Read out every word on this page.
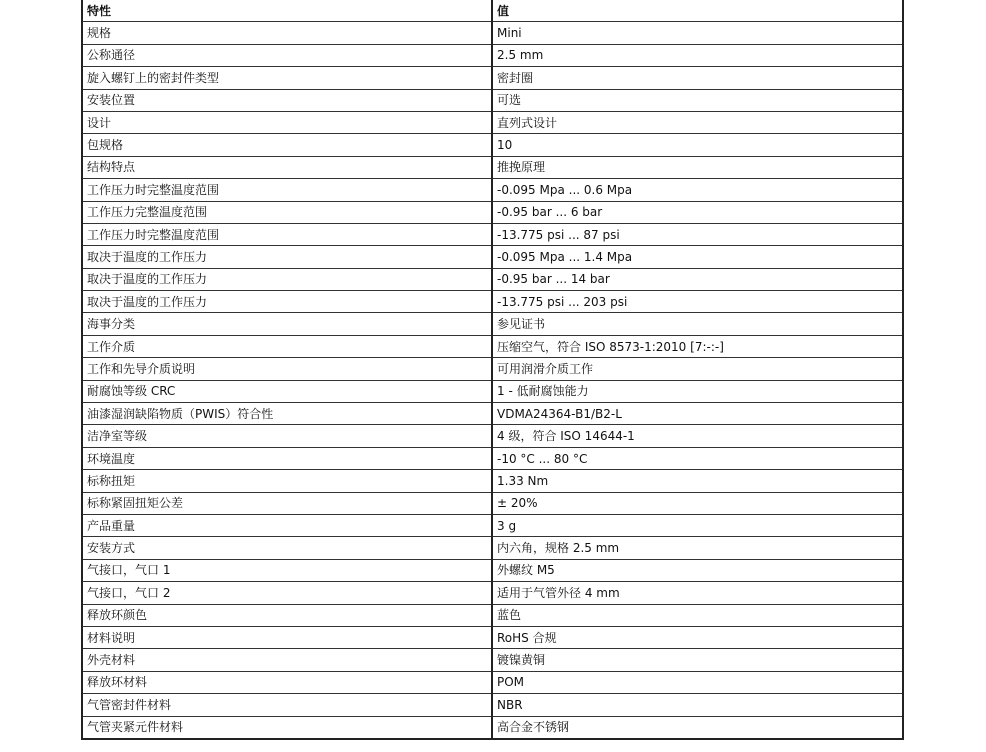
特性	值
规格	Mini
公称通径	2.5 mm
旋入螺钉上的密封件类型	密封圈
安装位置	可选
设计	直列式设计
包规格	10
结构特点	推挽原理
工作压力时完整温度范围	-0.095 Mpa ... 0.6 Mpa
工作压力完整温度范围	-0.95 bar ... 6 bar
工作压力时完整温度范围	-13.775 psi ... 87 psi
取决于温度的工作压力	-0.095 Mpa ... 1.4 Mpa
取决于温度的工作压力	-0.95 bar ... 14 bar
取决于温度的工作压力	-13.775 psi ... 203 psi
海事分类	参见证书
工作介质	压缩空气，符合 ISO 8573-1:2010 [7:-:-]
工作和先导介质说明	可用润滑介质工作
耐腐蚀等级 CRC	1 - 低耐腐蚀能力
油漆湿润缺陷物质（PWIS）符合性	VDMA24364-B1/B2-L
洁净室等级	4 级，符合 ISO 14644-1
环境温度	-10 °C ... 80 °C
标称扭矩	1.33 Nm
标称紧固扭矩公差	± 20%
产品重量	3 g
安装方式	内六角，规格 2.5 mm
气接口，气口 1	外螺纹 M5
气接口，气口 2	适用于气管外径 4 mm
释放环颜色	蓝色
材料说明	RoHS 合规
外壳材料	镀镍黄铜
释放环材料	POM
气管密封件材料	NBR
气管夹紧元件材料	高合金不锈钢
